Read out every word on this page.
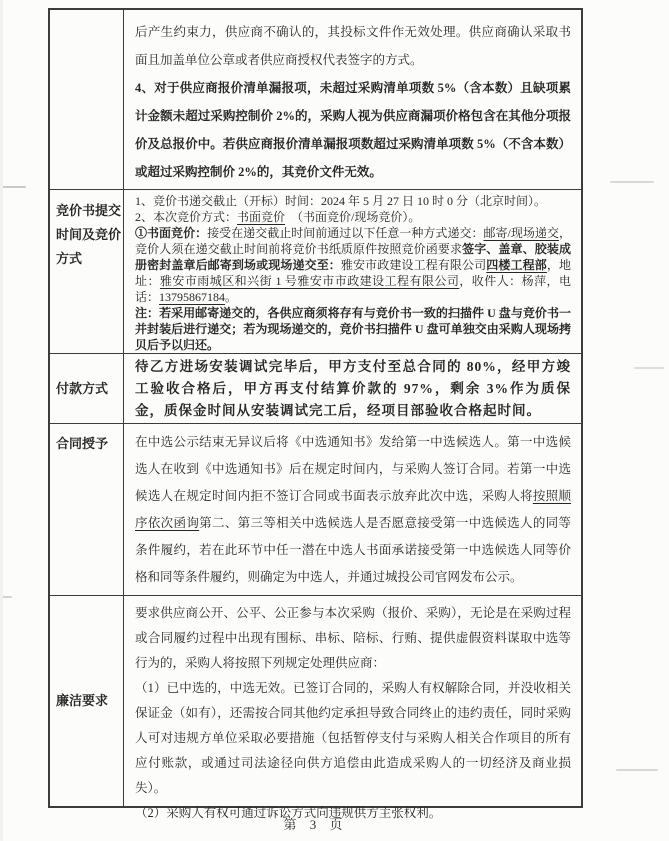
后产生约束力，供应商不确认的，其投标文件作无效处理。供应商确认采取书面且加盖单位公章或者供应商授权代表签字的方式。

4、对于供应商报价清单漏报项，未超过采购清单项数 5%（含本数）且缺项累计金额未超过采购控制价 2%的，采购人视为供应商漏项价格包含在其他分项报价及总报价中。若供应商报价清单漏报项数超过采购清单项数 5%（不含本数）或超过采购控制价 2%的，其竞价文件无效。

竞价书提交时间及竞价方式

1、竞价书递交截止（开标）时间：2024 年 5 月 27 日 10 时 0 分（北京时间）。

2、本次竞价方式：书面竞价　（书面竞价/现场竞价）。

①书面竞价：接受在递交截止时间前通过以下任意一种方式递交：邮寄/现场递交，竞价人须在递交截止时间前将竞价书纸质原件按照竞价函要求签字、盖章、胶装成册密封盖章后邮寄到场或现场递交至：雅安市政建设工程有限公司四楼工程部，地址：雅安市雨城区和兴街 1 号雅安市市政建设工程有限公司，收件人：杨萍，电话：13795867184。

注：若采用邮寄递交的，各供应商须将存有与竞价书一致的扫描件 U 盘与竞价书一并封装后进行递交；若为现场递交的，竞价书扫描件 U 盘可单独交由采购人现场拷贝后予以归还。

付款方式

待乙方进场安装调试完毕后，甲方支付至总合同的 80%，经甲方竣工验收合格后，甲方再支付结算价款的 97%，剩余 3%作为质保金，质保金时间从安装调试完工后，经项目部验收合格起时间。

合同授予	在中选公示结束无异议后将《中选通知书》发给第一中选候选人。第一中选候选人在收到《中选通知书》后在规定时间内，与采购人签订合同。若第一中选候选人在规定时间内拒不签订合同或书面表示放弃此次中选，采购人将按照顺序依次函询第二、第三等相关中选候选人是否愿意接受第一中选候选人的同等条件履约，若在此环节中任一潜在中选人书面承诺接受第一中选候选人同等价格和同等条件履约，则确定为中选人，并通过城投公司官网发布公示。

廉洁要求

要求供应商公开、公平、公正参与本次采购（报价、采购），无论是在采购过程或合同履约过程中出现有围标、串标、陪标、行贿、提供虚假资料谋取中选等行为的，采购人将按照下列规定处理供应商：

（1）已中选的，中选无效。已签订合同的，采购人有权解除合同，并没收相关保证金（如有），还需按合同其他约定承担导致合同终止的违约责任，同时采购人可对违规方单位采取必要措施（包括暂停支付与采购人相关合作项目的所有应付账款，或通过司法途径向供方追偿由此造成采购人的一切经济及商业损失）。

（2）采购人有权可通过诉讼方式向违规供方主张权利。

第 3 页
